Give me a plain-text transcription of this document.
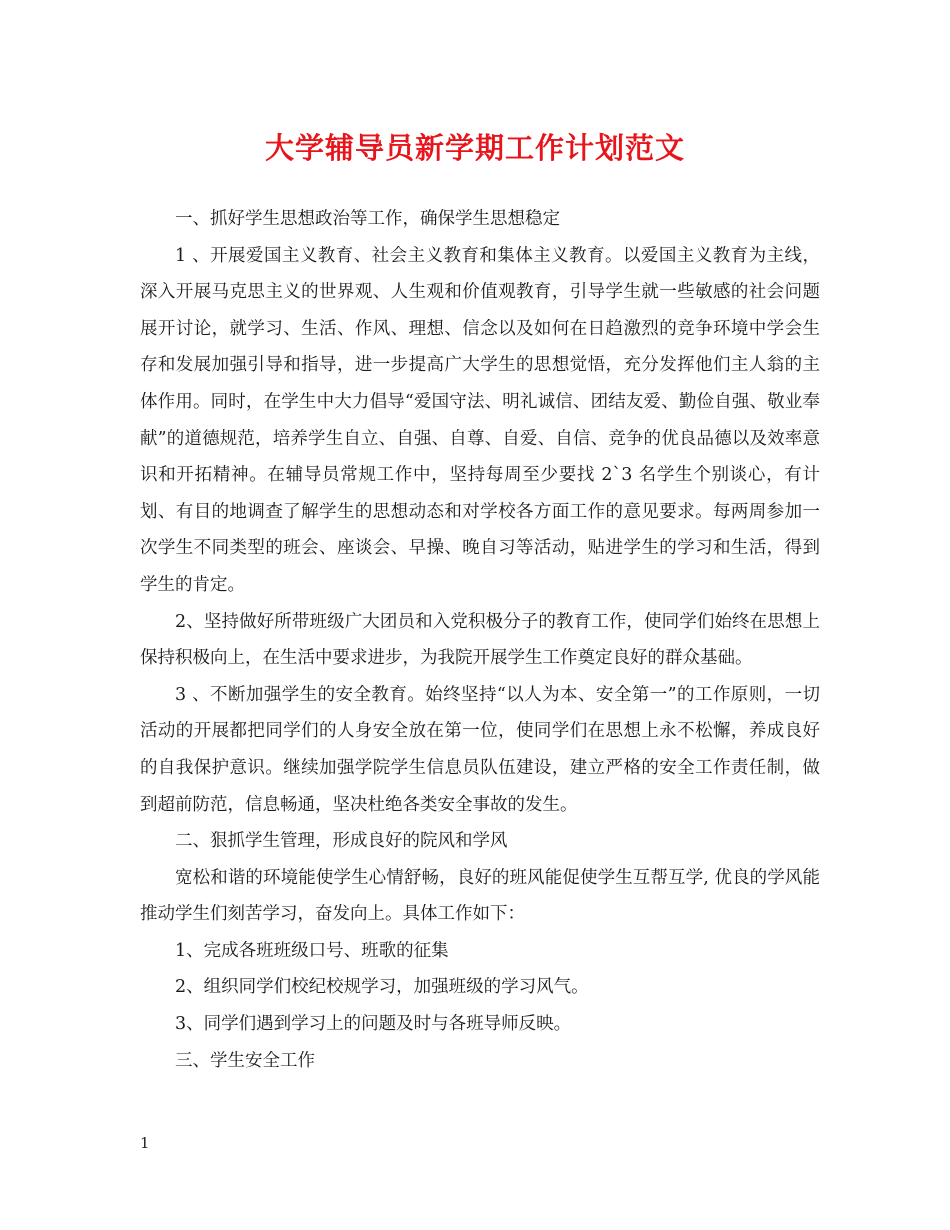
大学辅导员新学期工作计划范文

一、抓好学生思想政治等工作，确保学生思想稳定

1 、开展爱国主义教育、社会主义教育和集体主义教育。以爱国主义教育为主线，深入开展马克思主义的世界观、人生观和价值观教育，引导学生就一些敏感的社会问题展开讨论，就学习、生活、作风、理想、信念以及如何在日趋激烈的竞争环境中学会生存和发展加强引导和指导，进一步提高广大学生的思想觉悟，充分发挥他们主人翁的主体作用。同时，在学生中大力倡导“爱国守法、明礼诚信、团结友爱、勤俭自强、敬业奉献”的道德规范，培养学生自立、自强、自尊、自爱、自信、竞争的优良品德以及效率意识和开拓精神。在辅导员常规工作中，坚持每周至少要找 2`3 名学生个别谈心，有计划、有目的地调查了解学生的思想动态和对学校各方面工作的意见要求。每两周参加一次学生不同类型的班会、座谈会、早操、晚自习等活动，贴进学生的学习和生活，得到学生的肯定。

2、坚持做好所带班级广大团员和入党积极分子的教育工作，使同学们始终在思想上保持积极向上，在生活中要求进步，为我院开展学生工作奠定良好的群众基础。

3 、不断加强学生的安全教育。始终坚持“以人为本、安全第一”的工作原则，一切活动的开展都把同学们的人身安全放在第一位，使同学们在思想上永不松懈，养成良好的自我保护意识。继续加强学院学生信息员队伍建设，建立严格的安全工作责任制，做到超前防范，信息畅通，坚决杜绝各类安全事故的发生。

二、狠抓学生管理，形成良好的院风和学风

宽松和谐的环境能使学生心情舒畅，良好的班风能促使学生互帮互学, 优良的学风能推动学生们刻苦学习，奋发向上。具体工作如下：

1、完成各班班级口号、班歌的征集

2、组织同学们校纪校规学习，加强班级的学习风气。

3、同学们遇到学习上的问题及时与各班导师反映。

三、学生安全工作

1
